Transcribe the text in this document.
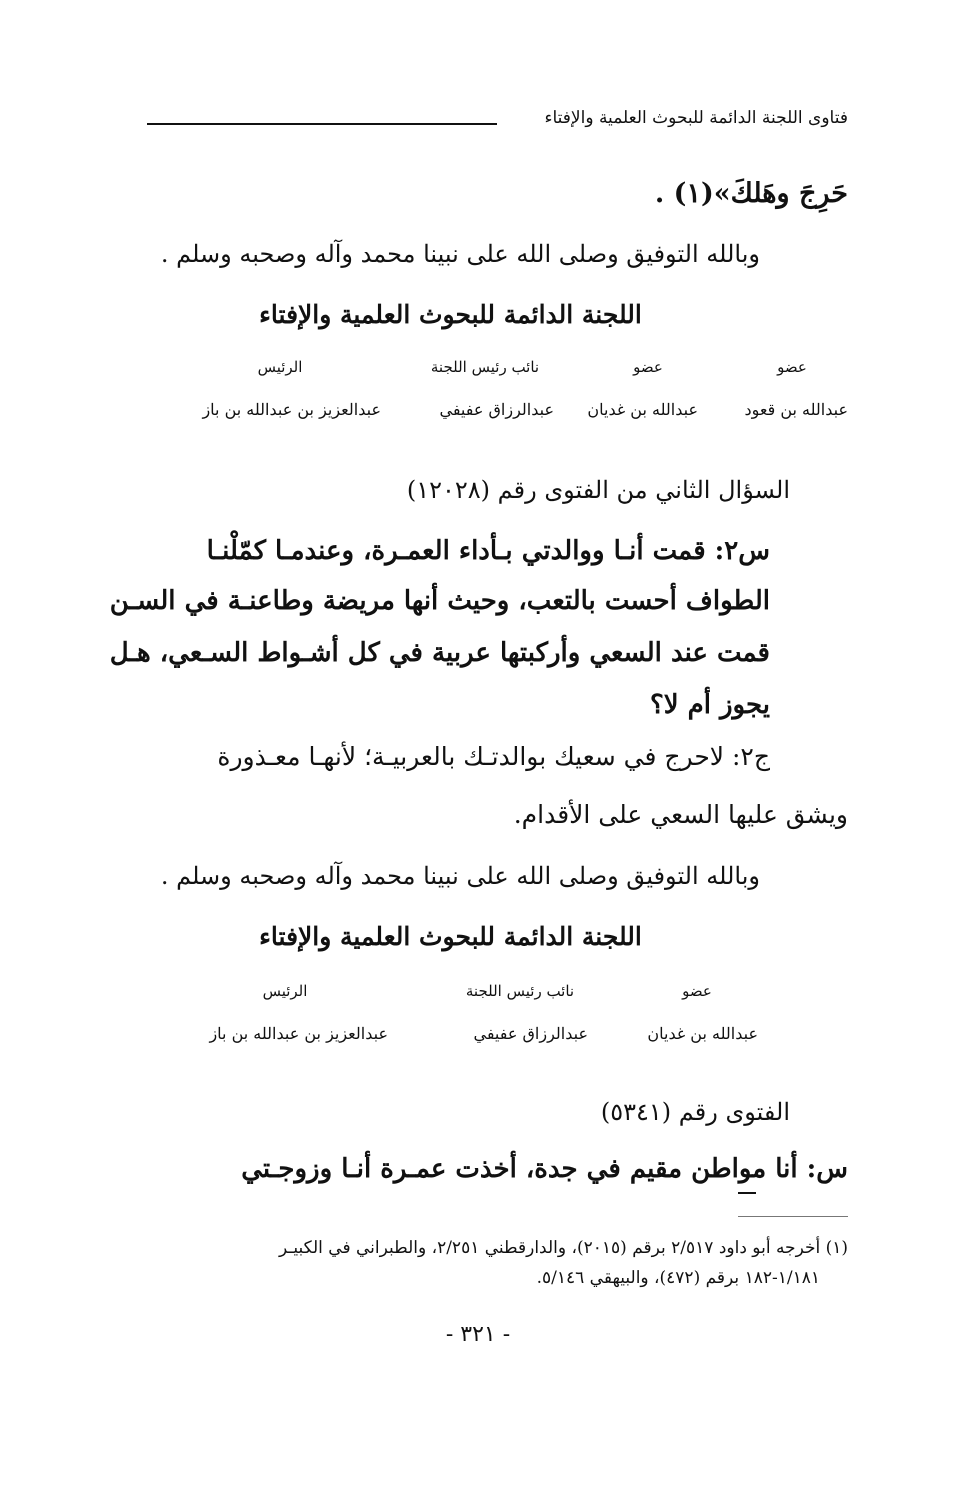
فتاوى اللجنة الدائمة للبحوث العلمية والإفتاء
حَرِجَ وهَلكَ»(١) .
وبالله التوفيق وصلى الله على نبينا محمد وآله وصحبه وسلم .
اللجنة الدائمة للبحوث العلمية والإفتاء
عضو
عضو
نائب رئيس اللجنة
الرئيس
عبدالله بن قعود
عبدالله بن غديان
عبدالرزاق عفيفي
عبدالعزيز بن عبدالله بن باز
السؤال الثاني من الفتوى رقم (١٢٠٢٨)
س٢: قمت أنـا ووالدتي بـأداء العمـرة، وعندمـا كمّلْنـا
الطواف أحست بالتعب، وحيث أنها مريضة وطاعنـة في السـن
قمت عند السعي وأركبتها عربية في كل أشـواط السـعي، هـل
يجوز أم لا؟
ج٢: لاحرج في سعيك بوالدتـك بالعربيـة؛ لأنهـا معـذورة
ويشق عليها السعي على الأقدام.
وبالله التوفيق وصلى الله على نبينا محمد وآله وصحبه وسلم .
اللجنة الدائمة للبحوث العلمية والإفتاء
عضو
نائب رئيس اللجنة
الرئيس
عبدالله بن غديان
عبدالرزاق عفيفي
عبدالعزيز بن عبدالله بن باز
الفتوى رقم (٥٣٤١)
س: أنا مواطن مقيم في جدة، أخذت عمـرة أنـا وزوجـتي
(١) أخرجه أبو داود ٢/٥١٧ برقم (٢٠١٥)، والدارقطني ٢/٢٥١، والطبراني في الكبيـر
١/١٨١-١٨٢ برقم (٤٧٢)، والبيهقي ٥/١٤٦.
- ٣٢١ -
